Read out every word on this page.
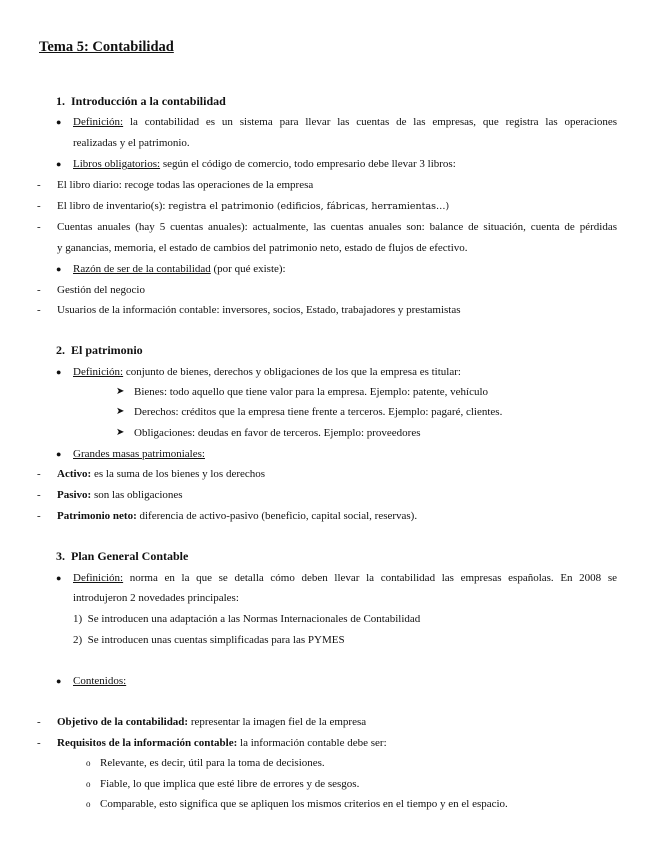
Tema 5: Contabilidad
1.  Introducción a la contabilidad
● Definición: la contabilidad es un sistema para llevar las cuentas de las empresas, que registra las operaciones
realizadas y el patrimonio.
● Libros obligatorios: según el código de comercio, todo empresario debe llevar 3 libros:
- El libro diario: recoge todas las operaciones de la empresa
- El libro de inventario(s): registra el patrimonio (edificios, fábricas, herramientas…)
- Cuentas anuales (hay 5 cuentas anuales): actualmente, las cuentas anuales son: balance de situación, cuenta de pérdidas
y ganancias, memoria, el estado de cambios del patrimonio neto, estado de flujos de efectivo.
● Razón de ser de la contabilidad (por qué existe):
- Gestión del negocio
- Usuarios de la información contable: inversores, socios, Estado, trabajadores y prestamistas
2.  El patrimonio
● Definición: conjunto de bienes, derechos y obligaciones de los que la empresa es titular:
➤ Bienes: todo aquello que tiene valor para la empresa. Ejemplo: patente, vehículo
➤ Derechos: créditos que la empresa tiene frente a terceros. Ejemplo: pagaré, clientes.
➤ Obligaciones: deudas en favor de terceros. Ejemplo: proveedores
● Grandes masas patrimoniales:
- Activo: es la suma de los bienes y los derechos
- Pasivo: son las obligaciones
- Patrimonio neto: diferencia de activo-pasivo (beneficio, capital social, reservas).
3.  Plan General Contable
● Definición: norma en la que se detalla cómo deben llevar la contabilidad las empresas españolas. En 2008 se
introdujeron 2 novedades principales:
1)  Se introducen una adaptación a las Normas Internacionales de Contabilidad
2)  Se introducen unas cuentas simplificadas para las PYMES
● Contenidos:
- Objetivo de la contabilidad: representar la imagen fiel de la empresa
- Requisitos de la información contable: la información contable debe ser:
o Relevante, es decir, útil para la toma de decisiones.
o Fiable, lo que implica que esté libre de errores y de sesgos.
o Comparable, esto significa que se apliquen los mismos criterios en el tiempo y en el espacio.
